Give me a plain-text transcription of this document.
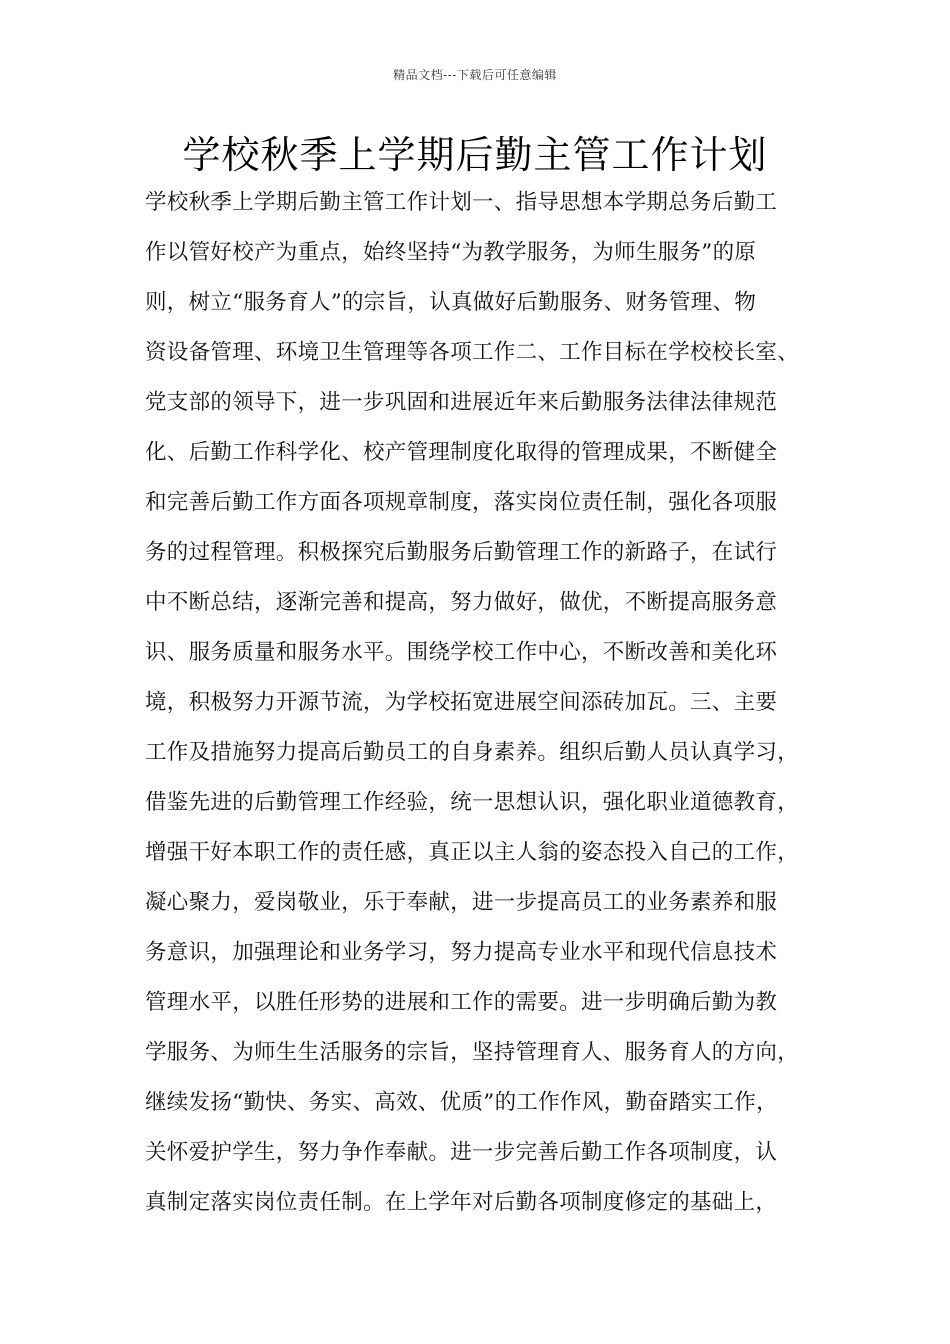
精品文档---下载后可任意编辑
学校秋季上学期后勤主管工作计划
学校秋季上学期后勤主管工作计划一、指导思想本学期总务后勤工
作以管好校产为重点，始终坚持“为教学服务，为师生服务”的原
则，树立“服务育人”的宗旨，认真做好后勤服务、财务管理、物
资设备管理、环境卫生管理等各项工作二、工作目标在学校校长室、
党支部的领导下，进一步巩固和进展近年来后勤服务法律法律规范
化、后勤工作科学化、校产管理制度化取得的管理成果，不断健全
和完善后勤工作方面各项规章制度，落实岗位责任制，强化各项服
务的过程管理。积极探究后勤服务后勤管理工作的新路子，在试行
中不断总结，逐渐完善和提高，努力做好，做优，不断提高服务意
识、服务质量和服务水平。围绕学校工作中心，不断改善和美化环
境，积极努力开源节流，为学校拓宽进展空间添砖加瓦。三、主要
工作及措施努力提高后勤员工的自身素养。组织后勤人员认真学习，
借鉴先进的后勤管理工作经验，统一思想认识，强化职业道德教育，
增强干好本职工作的责任感，真正以主人翁的姿态投入自己的工作，
凝心聚力，爱岗敬业，乐于奉献，进一步提高员工的业务素养和服
务意识，加强理论和业务学习，努力提高专业水平和现代信息技术
管理水平，以胜任形势的进展和工作的需要。进一步明确后勤为教
学服务、为师生生活服务的宗旨，坚持管理育人、服务育人的方向，
继续发扬“勤快、务实、高效、优质”的工作作风，勤奋踏实工作，
关怀爱护学生，努力争作奉献。进一步完善后勤工作各项制度，认
真制定落实岗位责任制。在上学年对后勤各项制度修定的基础上，
